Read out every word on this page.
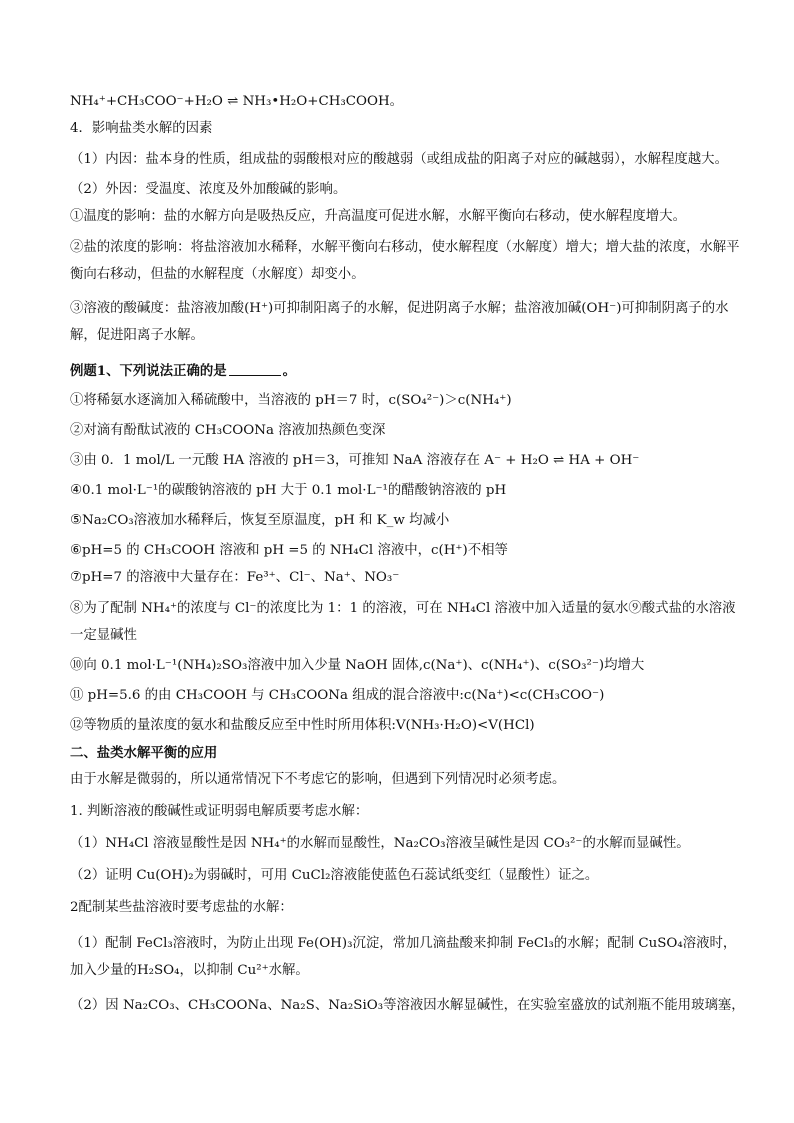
NH₄⁺+CH₃COO⁻+H₂O ⇌ NH₃•H₂O+CH₃COOH。

4．影响盐类水解的因素

（1）内因：盐本身的性质，组成盐的弱酸根对应的酸越弱（或组成盐的阳离子对应的碱越弱），水解程度越大。

（2）外因：受温度、浓度及外加酸碱的影响。

①温度的影响：盐的水解方向是吸热反应，升高温度可促进水解，水解平衡向右移动，使水解程度增大。

②盐的浓度的影响：将盐溶液加水稀释，水解平衡向右移动，使水解程度（水解度）增大；增大盐的浓度，水解平衡向右移动，但盐的水解程度（水解度）却变小。

③溶液的酸碱度：盐溶液加酸(H⁺)可抑制阳离子的水解，促进阴离子水解；盐溶液加碱(OH⁻)可抑制阴离子的水解，促进阳离子水解。

例题1、下列说法正确的是	。

①将稀氨水逐滴加入稀硫酸中，当溶液的 pH＝7 时，c(SO₄²⁻)＞c(NH₄⁺)

②对滴有酚酞试液的 CH₃COONa 溶液加热颜色变深

③由 0．1 mol/L 一元酸 HA 溶液的 pH＝3，可推知 NaA 溶液存在 A⁻ + H₂O ⇌ HA + OH⁻

④0.1 mol·L⁻¹的碳酸钠溶液的 pH 大于 0.1 mol·L⁻¹的醋酸钠溶液的 pH

⑤Na₂CO₃溶液加水稀释后，恢复至原温度，pH 和 K_w 均减小

⑥pH=5 的 CH₃COOH 溶液和 pH =5 的 NH₄Cl 溶液中，c(H⁺)不相等

⑦pH=7 的溶液中大量存在：Fe³⁺、Cl⁻、Na⁺、NO₃⁻

⑧为了配制 NH₄⁺的浓度与 Cl⁻的浓度比为 1：1 的溶液，可在 NH₄Cl 溶液中加入适量的氨水⑨酸式盐的水溶液一定显碱性

⑩向 0.1 mol·L⁻¹(NH₄)₂SO₃溶液中加入少量 NaOH 固体,c(Na⁺)、c(NH₄⁺)、c(SO₃²⁻)均增大

⑪ pH=5.6 的由 CH₃COOH 与 CH₃COONa 组成的混合溶液中:c(Na⁺)<c(CH₃COO⁻)

⑫等物质的量浓度的氨水和盐酸反应至中性时所用体积:V(NH₃·H₂O)<V(HCl)

二、盐类水解平衡的应用

由于水解是微弱的，所以通常情况下不考虑它的影响，但遇到下列情况时必须考虑。

1. 判断溶液的酸碱性或证明弱电解质要考虑水解：

（1）NH₄Cl 溶液显酸性是因 NH₄⁺的水解而显酸性，Na₂CO₃溶液呈碱性是因 CO₃²⁻的水解而显碱性。

（2）证明 Cu(OH)₂为弱碱时，可用 CuCl₂溶液能使蓝色石蕊试纸变红（显酸性）证之。

2配制某些盐溶液时要考虑盐的水解：

（1）配制 FeCl₃溶液时，为防止出现 Fe(OH)₃沉淀，常加几滴盐酸来抑制 FeCl₃的水解；配制 CuSO₄溶液时，加入少量的H₂SO₄，以抑制 Cu²⁺水解。

（2）因 Na₂CO₃、CH₃COONa、Na₂S、Na₂SiO₃等溶液因水解显碱性，在实验室盛放的试剂瓶不能用玻璃塞，
